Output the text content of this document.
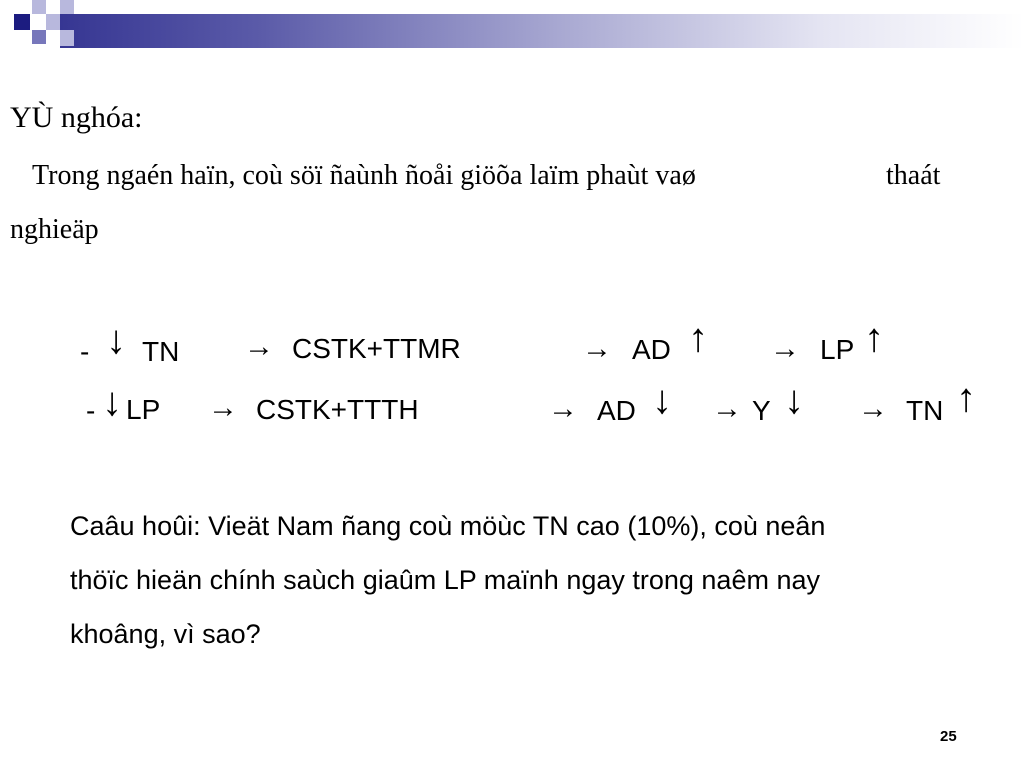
YÙ nghóa:
Trong ngaén haïn, coù söï ñaùnh ñoåi giöõa laïm phaùt vaø	thaát
nghieäp
- ↓ TN → CSTK+TTMR	→ AD ↑ → LP ↑
- ↓ LP → CSTK+TTTH	→ AD ↓ → Y ↓ → TN ↑
Caâu hoûi: Vieät Nam ñang coù möùc TN cao (10%), coù neân
thöïc hieän chính saùch giaûm LP maïnh ngay trong naêm nay
khoâng, vì sao?
25
